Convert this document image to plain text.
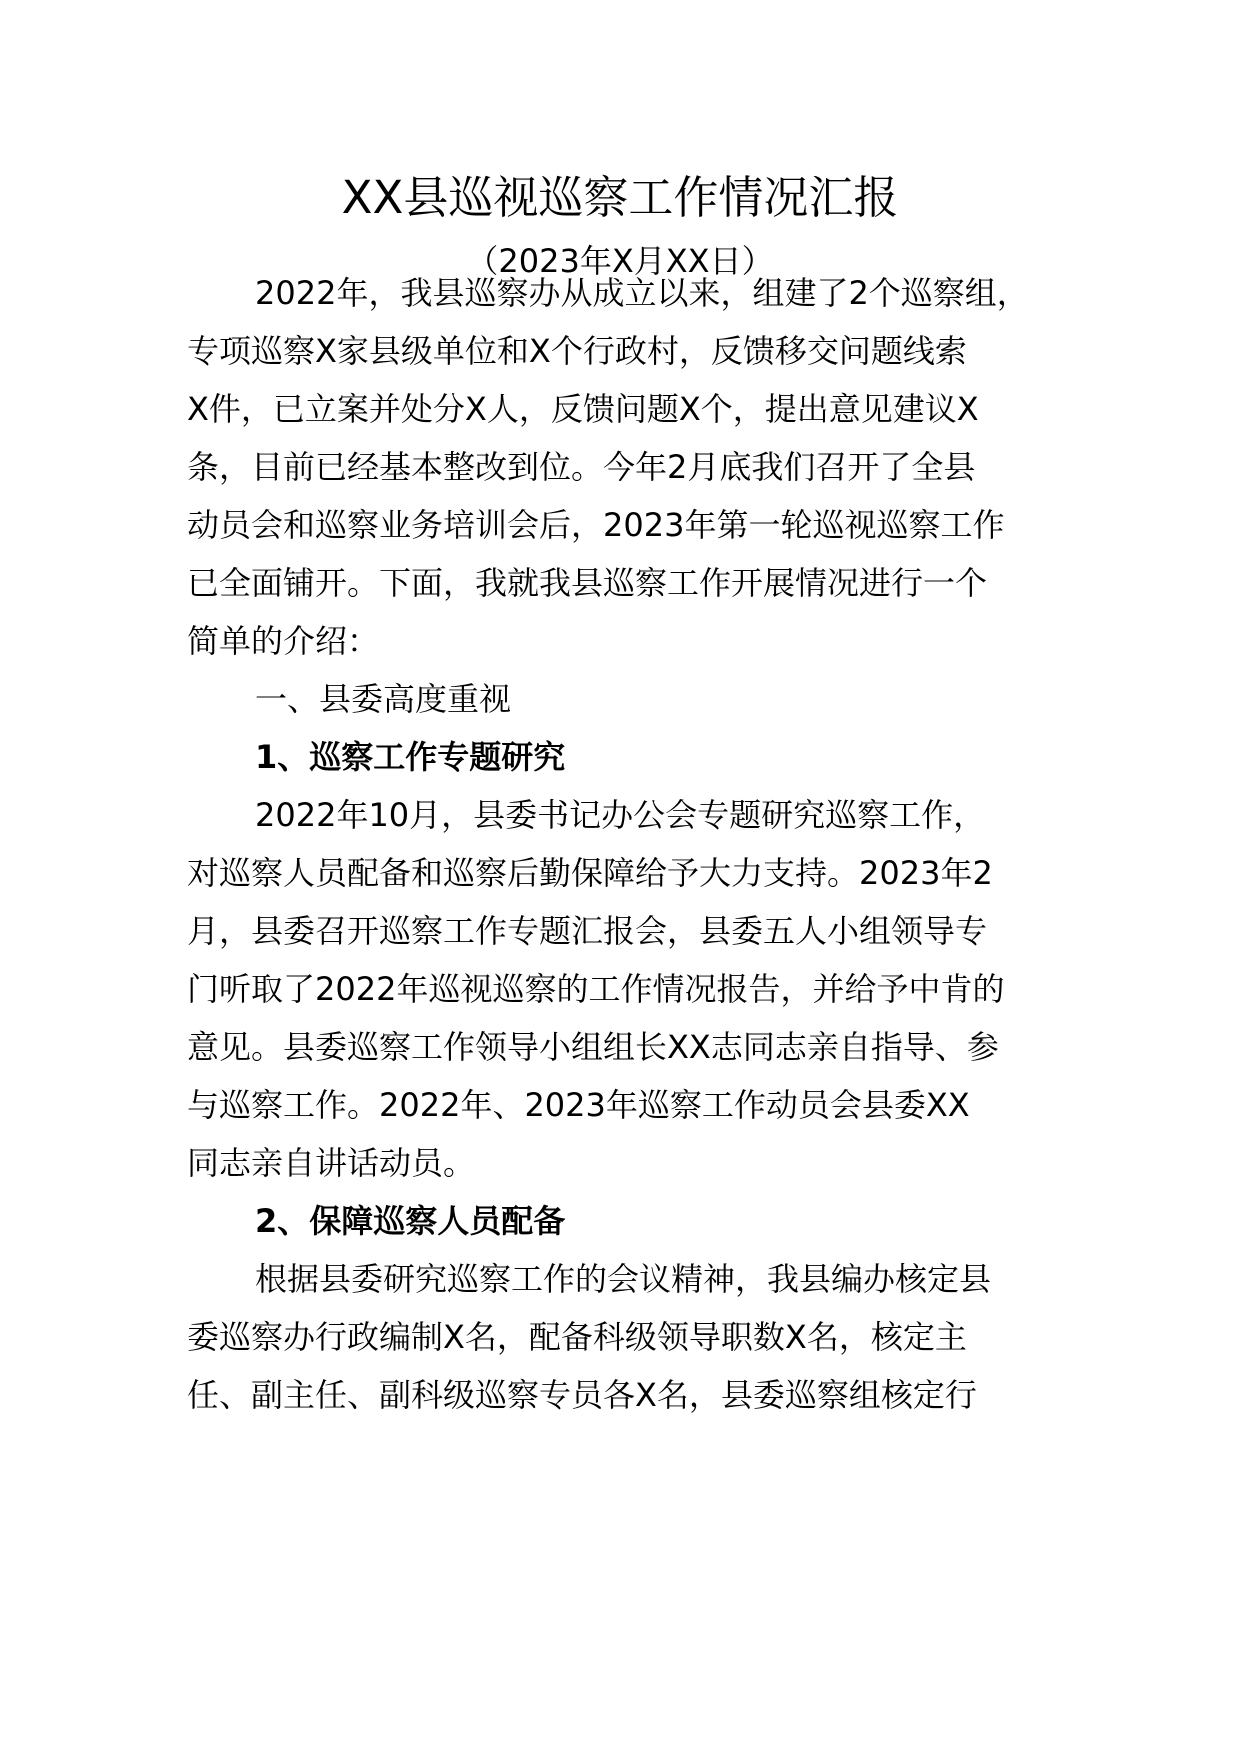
XX县巡视巡察工作情况汇报
（2023年X月XX日）
2022年，我县巡察办从成立以来，组建了2个巡察组，
专项巡察X家县级单位和X个行政村，反馈移交问题线索
X件，已立案并处分X人，反馈问题X个，提出意见建议X
条，目前已经基本整改到位。今年2月底我们召开了全县
动员会和巡察业务培训会后，2023年第一轮巡视巡察工作
已全面铺开。下面，我就我县巡察工作开展情况进行一个
简单的介绍：
一、县委高度重视
1、巡察工作专题研究
2022年10月，县委书记办公会专题研究巡察工作，
对巡察人员配备和巡察后勤保障给予大力支持。2023年2
月，县委召开巡察工作专题汇报会，县委五人小组领导专
门听取了2022年巡视巡察的工作情况报告，并给予中肯的
意见。县委巡察工作领导小组组长XX志同志亲自指导、参
与巡察工作。2022年、2023年巡察工作动员会县委XX
同志亲自讲话动员。
2、保障巡察人员配备
根据县委研究巡察工作的会议精神，我县编办核定县
委巡察办行政编制X名，配备科级领导职数X名，核定主
任、副主任、副科级巡察专员各X名，县委巡察组核定行
